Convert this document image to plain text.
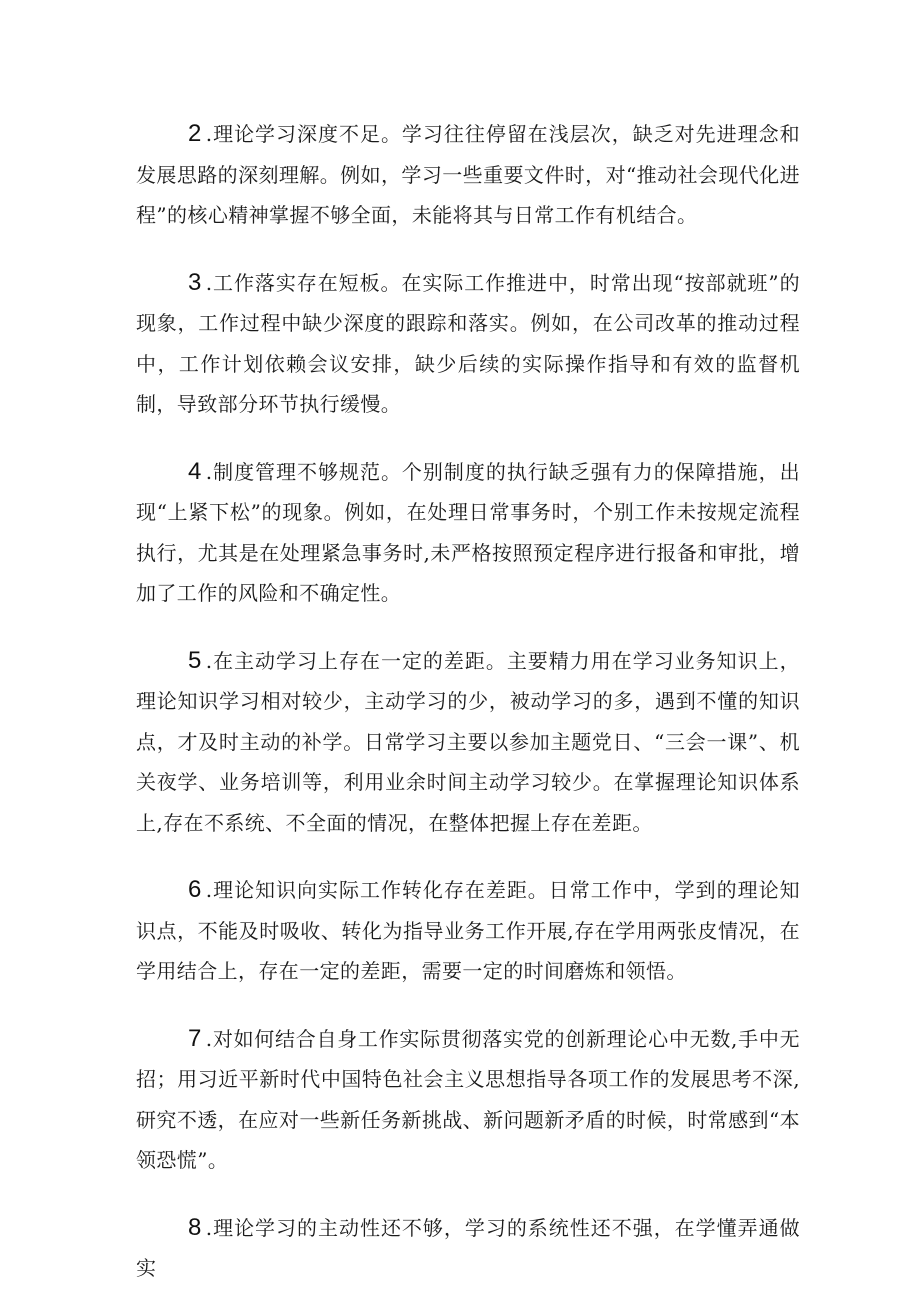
2 .理论学习深度不足。学习往往停留在浅层次，缺乏对先进理念和发展思路的深刻理解。例如，学习一些重要文件时，对“推动社会现代化进程”的核心精神掌握不够全面，未能将其与日常工作有机结合。

3 .工作落实存在短板。在实际工作推进中，时常出现“按部就班”的现象，工作过程中缺少深度的跟踪和落实。例如，在公司改革的推动过程中，工作计划依赖会议安排，缺少后续的实际操作指导和有效的监督机制，导致部分环节执行缓慢。

4 .制度管理不够规范。个别制度的执行缺乏强有力的保障措施，出现“上紧下松”的现象。例如，在处理日常事务时，个别工作未按规定流程执行，尤其是在处理紧急事务时,未严格按照预定程序进行报备和审批，增加了工作的风险和不确定性。

5 .在主动学习上存在一定的差距。主要精力用在学习业务知识上，理论知识学习相对较少，主动学习的少，被动学习的多，遇到不懂的知识点，才及时主动的补学。日常学习主要以参加主题党日、“三会一课”、机关夜学、业务培训等，利用业余时间主动学习较少。在掌握理论知识体系上,存在不系统、不全面的情况，在整体把握上存在差距。

6 .理论知识向实际工作转化存在差距。日常工作中，学到的理论知识点，不能及时吸收、转化为指导业务工作开展,存在学用两张皮情况，在学用结合上，存在一定的差距，需要一定的时间磨炼和领悟。

7 .对如何结合自身工作实际贯彻落实党的创新理论心中无数,手中无招；用习近平新时代中国特色社会主义思想指导各项工作的发展思考不深,研究不透，在应对一些新任务新挑战、新问题新矛盾的时候，时常感到“本领恐慌”。

8 .理论学习的主动性还不够，学习的系统性还不强，在学懂弄通做实
